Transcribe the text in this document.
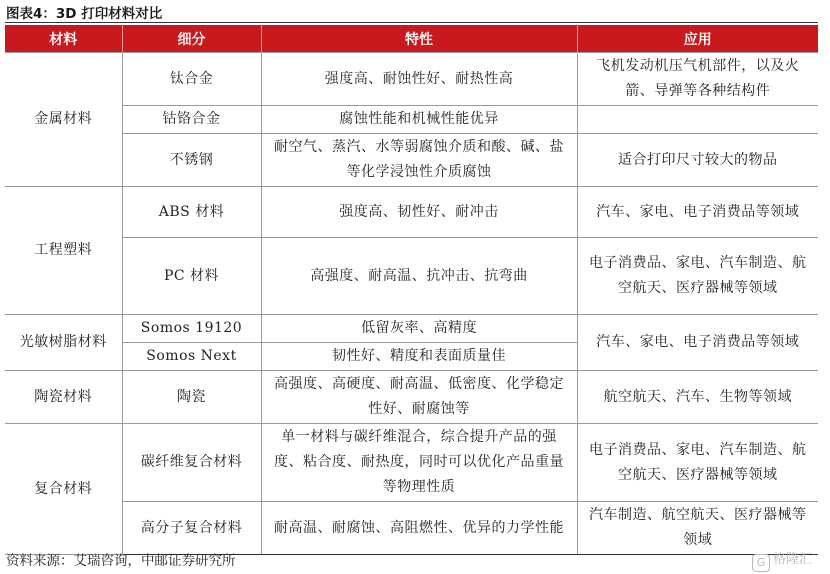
图表4：3D 打印材料对比
材料	细分	特性	应用
金属材料	钛合金	强度高、耐蚀性好、耐热性高	飞机发动机压气机部件，以及火箭、导弹等各种结构件
	钴铬合金	腐蚀性能和机械性能优异	
	不锈钢	耐空气、蒸汽、水等弱腐蚀介质和酸、碱、盐等化学浸蚀性介质腐蚀	适合打印尺寸较大的物品
工程塑料	ABS 材料	强度高、韧性好、耐冲击	汽车、家电、电子消费品等领域
	PC 材料	高强度、耐高温、抗冲击、抗弯曲	电子消费品、家电、汽车制造、航空航天、医疗器械等领域
光敏树脂材料	Somos 19120	低留灰率、高精度	汽车、家电、电子消费品等领域
	Somos Next	韧性好、精度和表面质量佳	
陶瓷材料	陶瓷	高强度、高硬度、耐高温、低密度、化学稳定性好、耐腐蚀等	航空航天、汽车、生物等领域
复合材料	碳纤维复合材料	单一材料与碳纤维混合，综合提升产品的强度、粘合度、耐热度，同时可以优化产品重量等物理性质	电子消费品、家电、汽车制造、航空航天、医疗器械等领域
	高分子复合材料	耐高温、耐腐蚀、高阻燃性、优异的力学性能	汽车制造、航空航天、医疗器械等领域
资料来源：艾瑞咨询，中邮证券研究所	G 格隆汇
